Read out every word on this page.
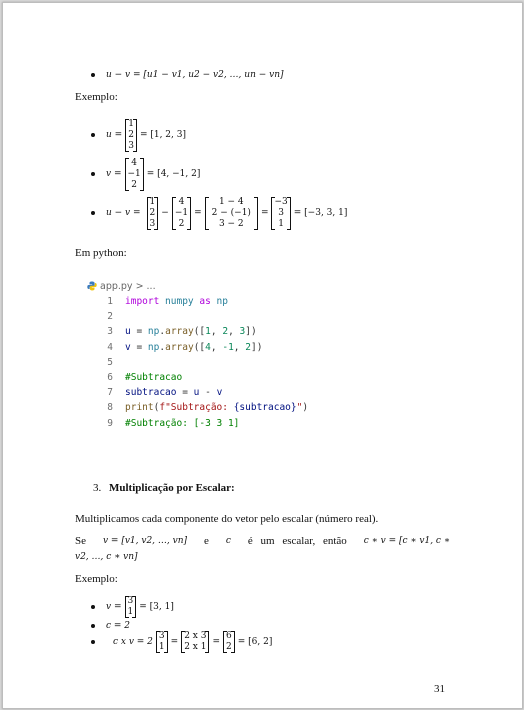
u − v = [u1 − v1, u2 − v2, …, un − vn]
Exemplo:
u =
1
2
3
= [1, 2, 3]
v =
4
−1
2
= [4, −1, 2]
u − v =
1
2
3
−
4
−1
2
=
1 − 4
2 − (−1)
3 − 2
=
−3
3
1
= [−3, 3, 1]
Em python:
app.py > ...
1	import numpy as np
2
3	u = np . array ([ 1 , 2 , 3 ])
4	v = np . array ([ 4 , -1 , 2 ])
5
6	#Subtracao
7	subtracao = u - v
8	print ( f"Subtração: {subtracao} " )
9	#Subtração: [-3 3 1]
3. Multiplicação por Escalar:
Multiplicamos cada componente do vetor pelo escalar (número real).
Se v = [v1, v2, …, vn] e c é um escalar, então c ∗ v = [c ∗ v1, c ∗
v2, …, c ∗ vn]
Exemplo:
v =
3
1 = [3, 1]
c = 2
c x v = 2
3
1 =
2 x 3
2 x 1 =
6
2 = [6, 2]
31
